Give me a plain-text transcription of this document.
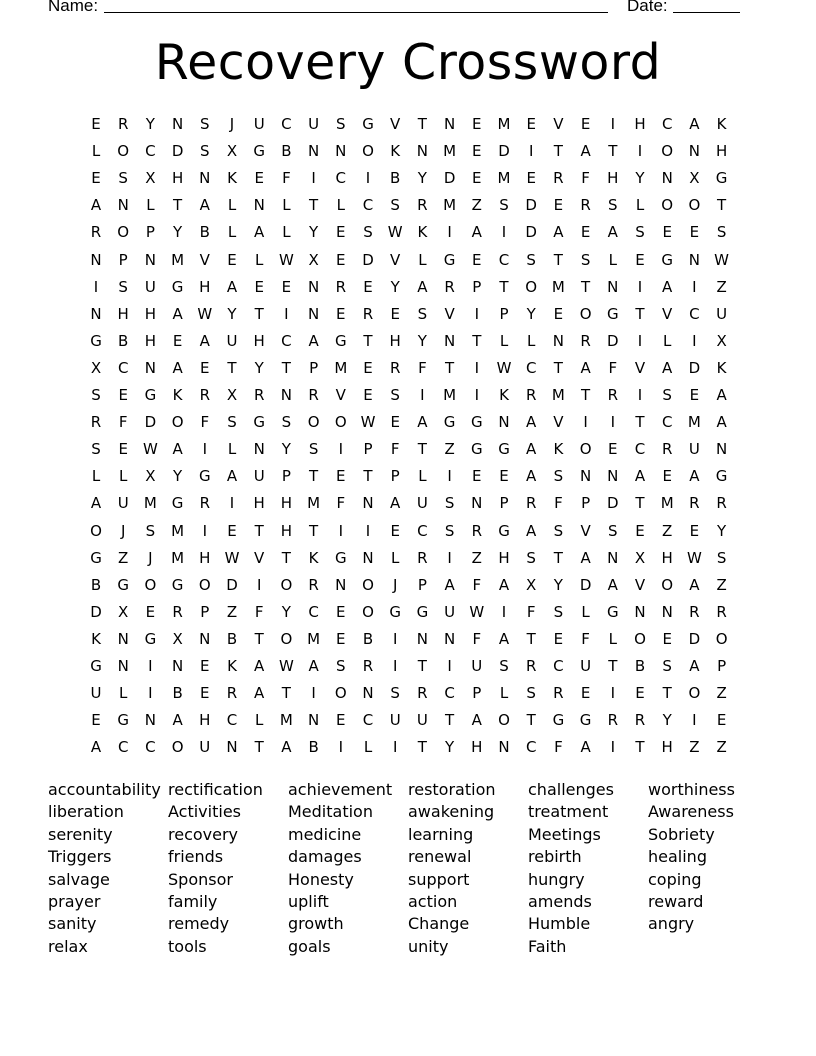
Name:	Date:
Recovery Crossword
E	R	Y	N	S	J	U	C	U	S	G	V	T	N	E	M	E	V	E	I	H	C	A	K
L	O	C	D	S	X	G	B	N	N	O	K	N	M	E	D	I	T	A	T	I	O	N	H
E	S	X	H	N	K	E	F	I	C	I	B	Y	D	E	M	E	R	F	H	Y	N	X	G
A	N	L	T	A	L	N	L	T	L	C	S	R	M	Z	S	D	E	R	S	L	O	O	T
R	O	P	Y	B	L	A	L	Y	E	S	W K	I	A	I	D	A	E	A	S	E	E	S
N	P	N	M	V	E	L	W X	E	D	V	L	G	E	C	S	T	S	L	E	G	N W
I	S	U	G	H	A	E	E	N	R	E	Y	A	R	P	T	O M	T	N	I	A	I	Z
N	H	H	A W	Y	T	I	N	E	R	E	S	V	I	P	Y	E	O	G	T	V	C	U
G	B	H	E	A	U	H	C	A	G	T	H	Y	N	T	L	L	N	R	D	I	L	I	X
X	C	N	A	E	T	Y	T	P	M	E	R	F	T	I	W C	T	A	F	V	A	D	K
S	E	G	K	R	X	R	N	R	V	E	S	I	M	I	K	R	M	T	R	I	S	E	A
R	F	D	O	F	S	G	S	O	O W	E	A	G	G	N	A	V	I	I	T	C	M	A
S	E	W A	I	L	N	Y	S	I	P	F	T	Z	G	G	A	K	O	E	C	R	U	N
L	L	X	Y	G	A	U	P	T	E	T	P	L	I	E	E	A	S	N	N	A	E	A	G
A	U	M G	R	I	H	H	M	F	N	A	U	S	N	P	R	F	P	D	T	M	R	R
O	J	S	M	I	E	T	H	T	I	I	E	C	S	R	G	A	S	V	S	E	Z	E	Y
G	Z	J	M	H W V	T	K	G	N	L	R	I	Z	H	S	T	A	N	X	H W	S
B	G	O	G	O	D	I	O	R	N	O	J	P	A	F	A	X	Y	D	A	V	O	A	Z
D	X	E	R	P	Z	F	Y	C	E	O	G	G	U W	I	F	S	L	G	N	N	R	R
K	N	G	X	N	B	T	O M	E	B	I	N	N	F	A	T	E	F	L	O	E	D	O
G	N	I	N	E	K	A W A	S	R	I	T	I	U	S	R	C	U	T	B	S	A	P
U	L	I	B	E	R	A	T	I	O	N	S	R	C	P	L	S	R	E	I	E	T	O	Z
E	G	N	A	H	C	L	M	N	E	C	U	U	T	A	O	T	G	G	R	R	Y	I	E
A	C	C	O	U	N	T	A	B	I	L	I	T	Y	H	N	C	F	A	I	T	H	Z	Z
accountability
liberation
serenity
Triggers
salvage
prayer
sanity
relax
rectification
Activities
recovery
friends
Sponsor
family
remedy
tools
achievement
Meditation
medicine
damages
Honesty
uplift
growth
goals
restoration
awakening
learning
renewal
support
action
Change
unity
challenges
treatment
Meetings
rebirth
hungry
amends
Humble
Faith
worthiness
Awareness
Sobriety
healing
coping
reward
angry
